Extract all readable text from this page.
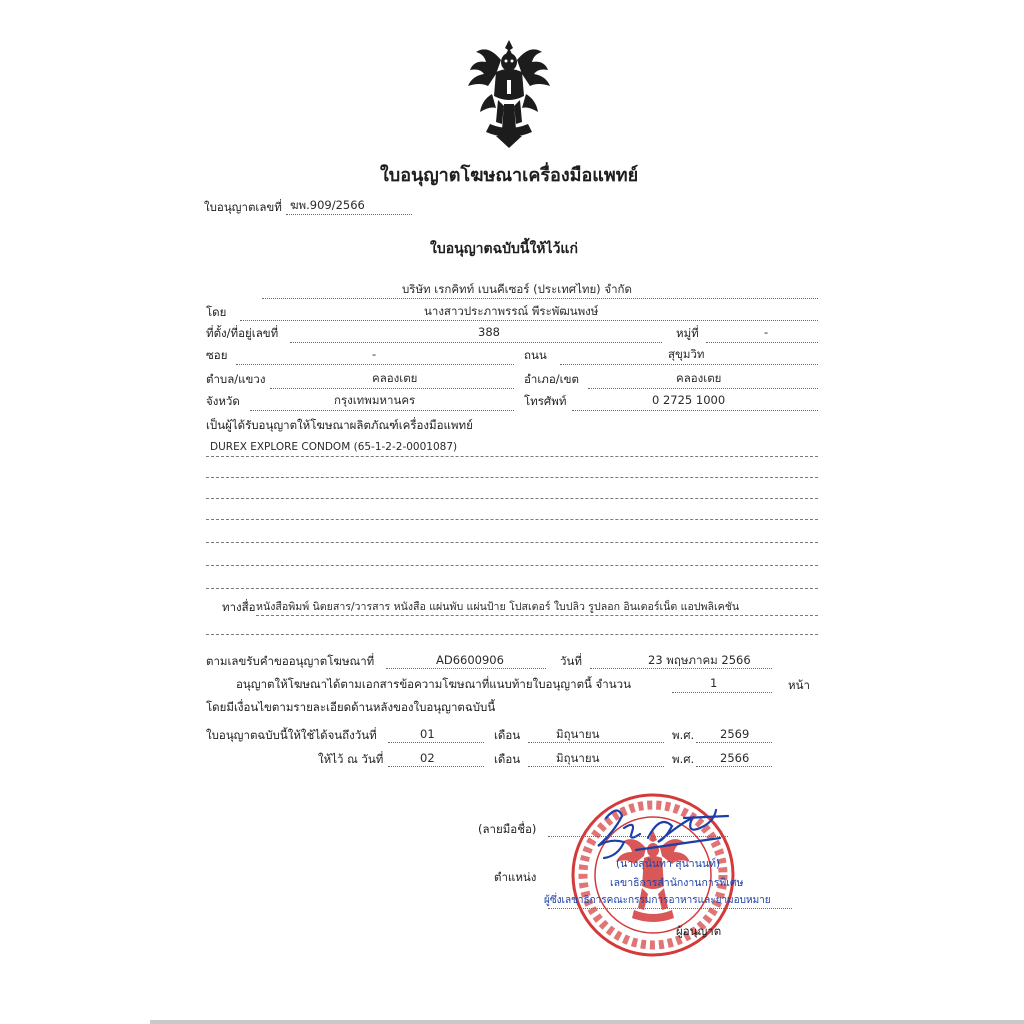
ใบอนุญาตโฆษณาเครื่องมือแพทย์
ใบอนุญาตเลขที่ ฆพ.909/2566
ใบอนุญาตฉบับนี้ให้ไว้แก่
บริษัท เรกคิทท์ เบนคีเซอร์ (ประเทศไทย) จำกัด
โดย	นางสาวประภาพรรณ์ พีระพัฒนพงษ์
ที่ตั้ง/ที่อยู่เลขที่	388	หมู่ที่	-
ซอย	-	ถนน	สุขุมวิท
ตำบล/แขวง	คลองเตย	อำเภอ/เขต	คลองเตย
จังหวัด	กรุงเทพมหานคร	โทรศัพท์	0 2725 1000
เป็นผู้ได้รับอนุญาตให้โฆษณาผลิตภัณฑ์เครื่องมือแพทย์
DUREX EXPLORE CONDOM (65-1-2-2-0001087)
ทางสื่อ หนังสือพิมพ์ นิตยสาร/วารสาร หนังสือ แผ่นพับ แผ่นป้าย โปสเตอร์ ใบปลิว รูปลอก อินเตอร์เน็ต แอปพลิเคชัน
ตามเลขรับคำขออนุญาตโฆษณาที่	AD6600906	วันที่	23 พฤษภาคม 2566
อนุญาตให้โฆษณาได้ตามเอกสารข้อความโฆษณาที่แนบท้ายใบอนุญาตนี้ จำนวน	1	หน้า
โดยมีเงื่อนไขตามรายละเอียดด้านหลังของใบอนุญาตฉบับนี้
ใบอนุญาตฉบับนี้ให้ใช้ได้จนถึงวันที่	01	เดือน	มิถุนายน	พ.ศ. 2569
ให้ไว้ ณ วันที่	02	เดือน	มิถุนายน	พ.ศ. 2566
(ลายมือชื่อ)
ตำแหน่ง
(นางสุนันทา สุนานนท์)
เลขาธิการสำนักงานการพิเศษ
ผู้ซึ่งเลขาธิการคณะกรรมการอาหารและยามอบหมาย
ผู้อนุญาต
